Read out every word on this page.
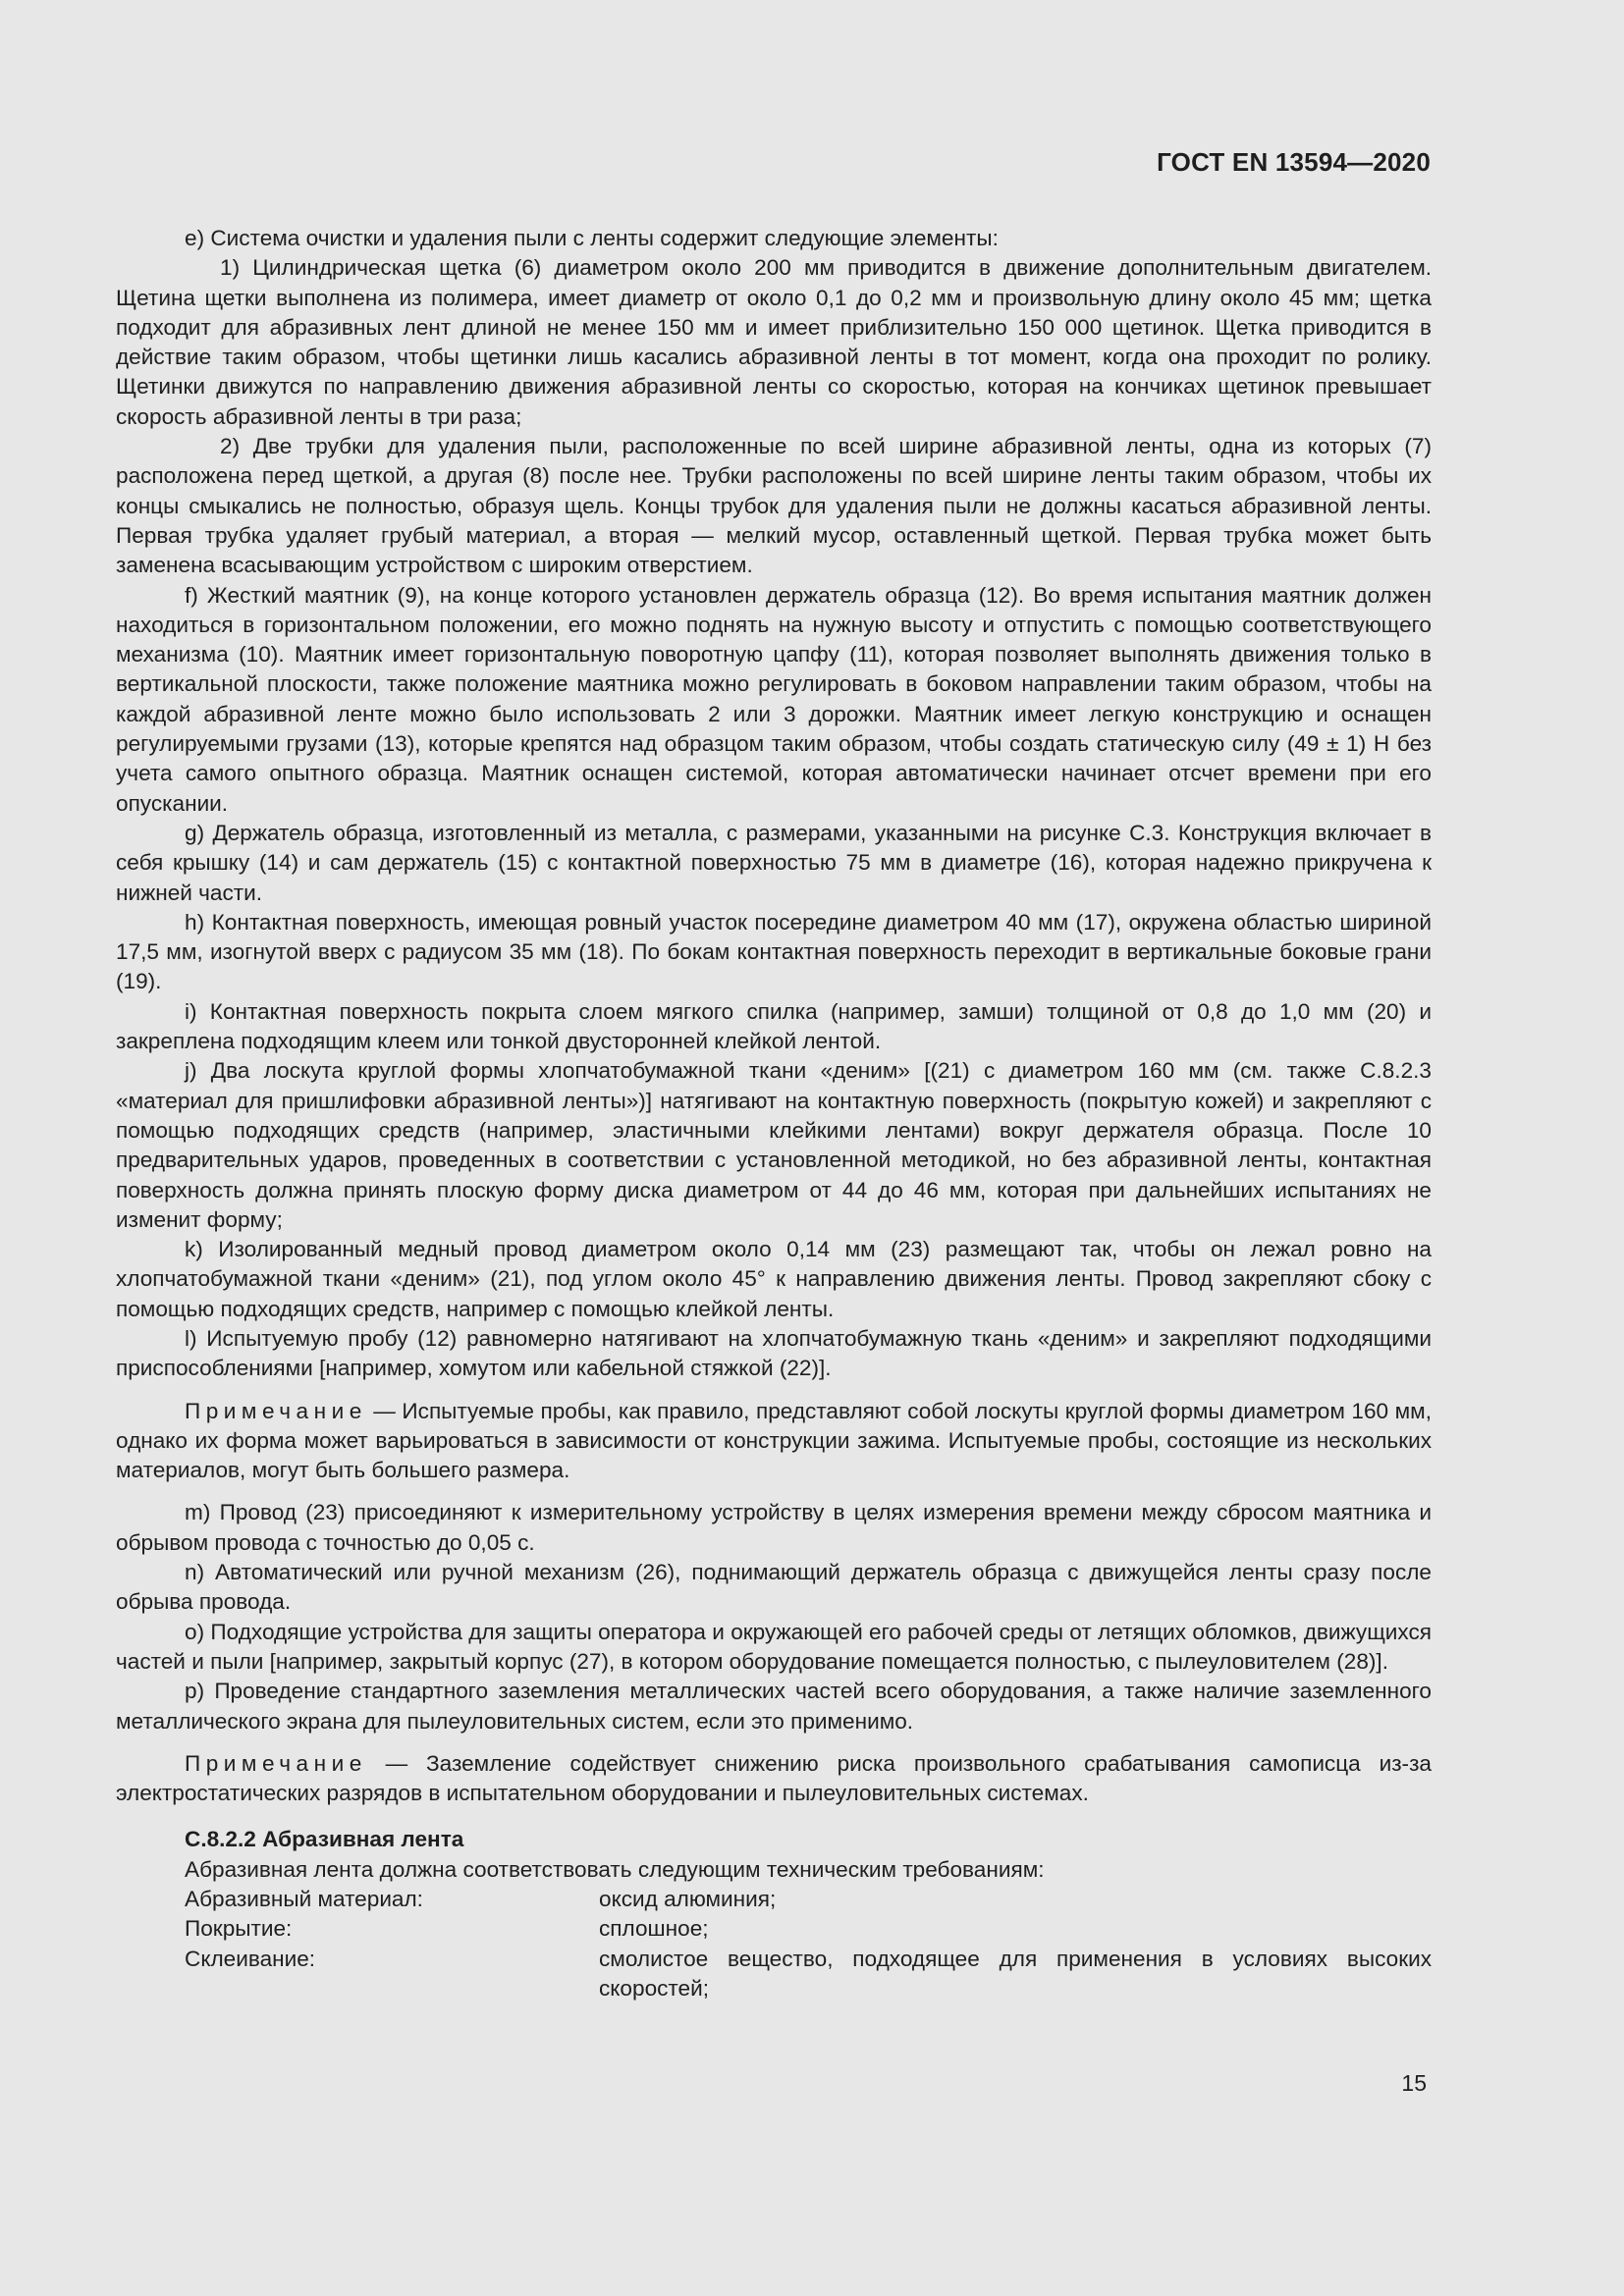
ГОСТ EN 13594—2020

e) Система очистки и удаления пыли с ленты содержит следующие элементы:

1) Цилиндрическая щетка (6) диаметром около 200 мм приводится в движение дополнительным двигателем. Щетина щетки выполнена из полимера, имеет диаметр от около 0,1 до 0,2 мм и произвольную длину около 45 мм; щетка подходит для абразивных лент длиной не менее 150 мм и имеет приблизительно 150 000 щетинок. Щетка приводится в действие таким образом, чтобы щетинки лишь касались абразивной ленты в тот момент, когда она проходит по ролику. Щетинки движутся по направлению движения абразивной ленты со скоростью, которая на кончиках щетинок превышает скорость абразивной ленты в три раза;

2) Две трубки для удаления пыли, расположенные по всей ширине абразивной ленты, одна из которых (7) расположена перед щеткой, а другая (8) после нее. Трубки расположены по всей ширине ленты таким образом, чтобы их концы смыкались не полностью, образуя щель. Концы трубок для удаления пыли не должны касаться абразивной ленты. Первая трубка удаляет грубый материал, а вторая — мелкий мусор, оставленный щеткой. Первая трубка может быть заменена всасывающим устройством с широким отверстием.

f) Жесткий маятник (9), на конце которого установлен держатель образца (12). Во время испытания маятник должен находиться в горизонтальном положении, его можно поднять на нужную высоту и отпустить с помощью соответствующего механизма (10). Маятник имеет горизонтальную поворотную цапфу (11), которая позволяет выполнять движения только в вертикальной плоскости, также положение маятника можно регулировать в боковом направлении таким образом, чтобы на каждой абразивной ленте можно было использовать 2 или 3 дорожки. Маятник имеет легкую конструкцию и оснащен регулируемыми грузами (13), которые крепятся над образцом таким образом, чтобы создать статическую силу (49 ± 1) Н без учета самого опытного образца. Маятник оснащен системой, которая автоматически начинает отсчет времени при его опускании.

g) Держатель образца, изготовленный из металла, с размерами, указанными на рисунке С.3. Конструкция включает в себя крышку (14) и сам держатель (15) с контактной поверхностью 75 мм в диаметре (16), которая надежно прикручена к нижней части.

h) Контактная поверхность, имеющая ровный участок посередине диаметром 40 мм (17), окружена областью шириной 17,5 мм, изогнутой вверх с радиусом 35 мм (18). По бокам контактная поверхность переходит в вертикальные боковые грани (19).

i) Контактная поверхность покрыта слоем мягкого спилка (например, замши) толщиной от 0,8 до 1,0 мм (20) и закреплена подходящим клеем или тонкой двусторонней клейкой лентой.

j) Два лоскута круглой формы хлопчатобумажной ткани «деним» [(21) с диаметром 160 мм (см. также С.8.2.3 «материал для пришлифовки абразивной ленты»)] натягивают на контактную поверхность (покрытую кожей) и закрепляют с помощью подходящих средств (например, эластичными клейкими лентами) вокруг держателя образца. После 10 предварительных ударов, проведенных в соответствии с установленной методикой, но без абразивной ленты, контактная поверхность должна принять плоскую форму диска диаметром от 44 до 46 мм, которая при дальнейших испытаниях не изменит форму;

k) Изолированный медный провод диаметром около 0,14 мм (23) размещают так, чтобы он лежал ровно на хлопчатобумажной ткани «деним» (21), под углом около 45° к направлению движения ленты. Провод закрепляют сбоку с помощью подходящих средств, например с помощью клейкой ленты.

l) Испытуемую пробу (12) равномерно натягивают на хлопчатобумажную ткань «деним» и закрепляют подходящими приспособлениями [например, хомутом или кабельной стяжкой (22)].

Примечание — Испытуемые пробы, как правило, представляют собой лоскуты круглой формы диаметром 160 мм, однако их форма может варьироваться в зависимости от конструкции зажима. Испытуемые пробы, состоящие из нескольких материалов, могут быть большего размера.

m) Провод (23) присоединяют к измерительному устройству в целях измерения времени между сбросом маятника и обрывом провода с точностью до 0,05 с.

n) Автоматический или ручной механизм (26), поднимающий держатель образца с движущейся ленты сразу после обрыва провода.

o) Подходящие устройства для защиты оператора и окружающей его рабочей среды от летящих обломков, движущихся частей и пыли [например, закрытый корпус (27), в котором оборудование помещается полностью, с пылеуловителем (28)].

p) Проведение стандартного заземления металлических частей всего оборудования, а также наличие заземленного металлического экрана для пылеуловительных систем, если это применимо.

Примечание — Заземление содействует снижению риска произвольного срабатывания самописца из-за электростатических разрядов в испытательном оборудовании и пылеуловительных системах.

С.8.2.2 Абразивная лента
Абразивная лента должна соответствовать следующим техническим требованиям:
Абразивный материал:	оксид алюминия;
Покрытие:	сплошное;
Склеивание:	смолистое вещество, подходящее для применения в условиях высоких скоростей;
15
